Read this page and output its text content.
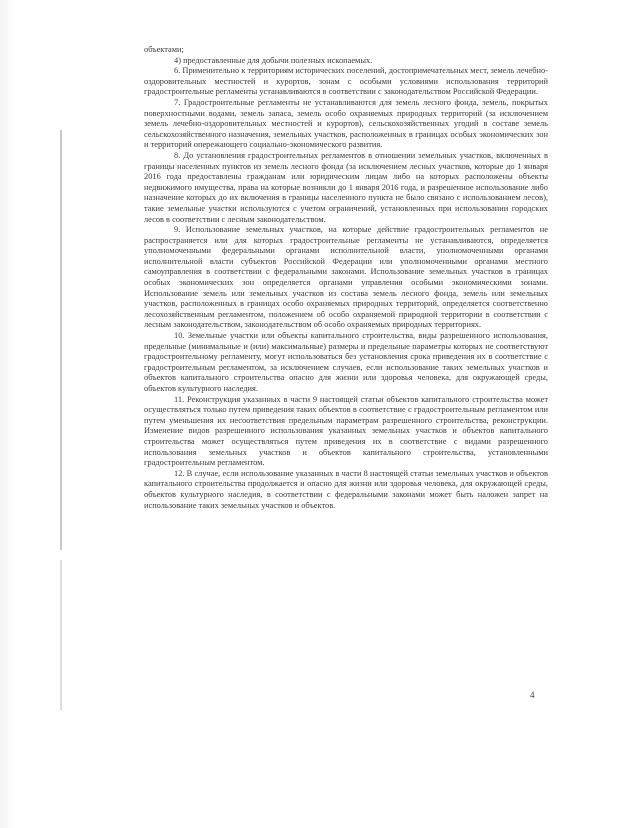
объектами;

4) предоставленные для добычи полезных ископаемых.

6. Применительно к территориям исторических поселений, достопримечательных мест, земель лечебно-оздоровительных местностей и курортов, зонам с особыми условиями использования территорий градостроительные регламенты устанавливаются в соответствии с законодательством Российской Федерации.

7. Градостроительные регламенты не устанавливаются для земель лесного фонда, земель, покрытых поверхностными водами, земель запаса, земель особо охраняемых природных территорий (за исключением земель лечебно-оздоровительных местностей и курортов), сельскохозяйственных угодий в составе земель сельскохозяйственного назначения, земельных участков, расположенных в границах особых экономических зон и территорий опережающего социально-экономического развития.

8. До установления градостроительных регламентов в отношении земельных участков, включенных в границы населенных пунктов из земель лесного фонда (за исключением лесных участков, которые до 1 января 2016 года предоставлены гражданам или юридическим лицам либо на которых расположены объекты недвижимого имущества, права на которые возникли до 1 января 2016 года, и разрешенное использование либо назначение которых до их включения в границы населенного пункта не было связано с использованием лесов), такие земельные участки используются с учетом ограничений, установленных при использовании городских лесов в соответствии с лесным законодательством.

9. Использование земельных участков, на которые действие градостроительных регламентов не распространяется или для которых градостроительные регламенты не устанавливаются, определяется уполномоченными федеральными органами исполнительной власти, уполномоченными органами исполнительной власти субъектов Российской Федерации или уполномоченными органами местного самоуправления в соответствии с федеральными законами. Использование земельных участков в границах особых экономических зон определяется органами управления особыми экономическими зонами. Использование земель или земельных участков из состава земель лесного фонда, земель или земельных участков, расположенных в границах особо охраняемых природных территорий, определяется соответственно лесохозяйственным регламентом, положением об особо охраняемой природной территории в соответствии с лесным законодательством, законодательством об особо охраняемых природных территориях.

10. Земельные участки или объекты капитального строительства, виды разрешенного использования, предельные (минимальные и (или) максимальные) размеры и предельные параметры которых не соответствуют градостроительному регламенту, могут использоваться без установления срока приведения их в соответствие с градостроительным регламентом, за исключением случаев, если использование таких земельных участков и объектов капитального строительства опасно для жизни или здоровья человека, для окружающей среды, объектов культурного наследия.

11. Реконструкция указанных в части 9 настоящей статьи объектов капитального строительства может осуществляться только путем приведения таких объектов в соответствие с градостроительным регламентом или путем уменьшения их несоответствия предельным параметрам разрешенного строительства, реконструкции. Изменение видов разрешенного использования указанных земельных участков и объектов капитального строительства может осуществляться путем приведения их в соответствие с видами разрешенного использования земельных участков и объектов капитального строительства, установленными градостроительным регламентом.

12. В случае, если использование указанных в части 8 настоящей статьи земельных участков и объектов капитального строительства продолжается и опасно для жизни или здоровья человека, для окружающей среды, объектов культурного наследия, в соответствии с федеральными законами может быть наложен запрет на использование таких земельных участков и объектов.

4
